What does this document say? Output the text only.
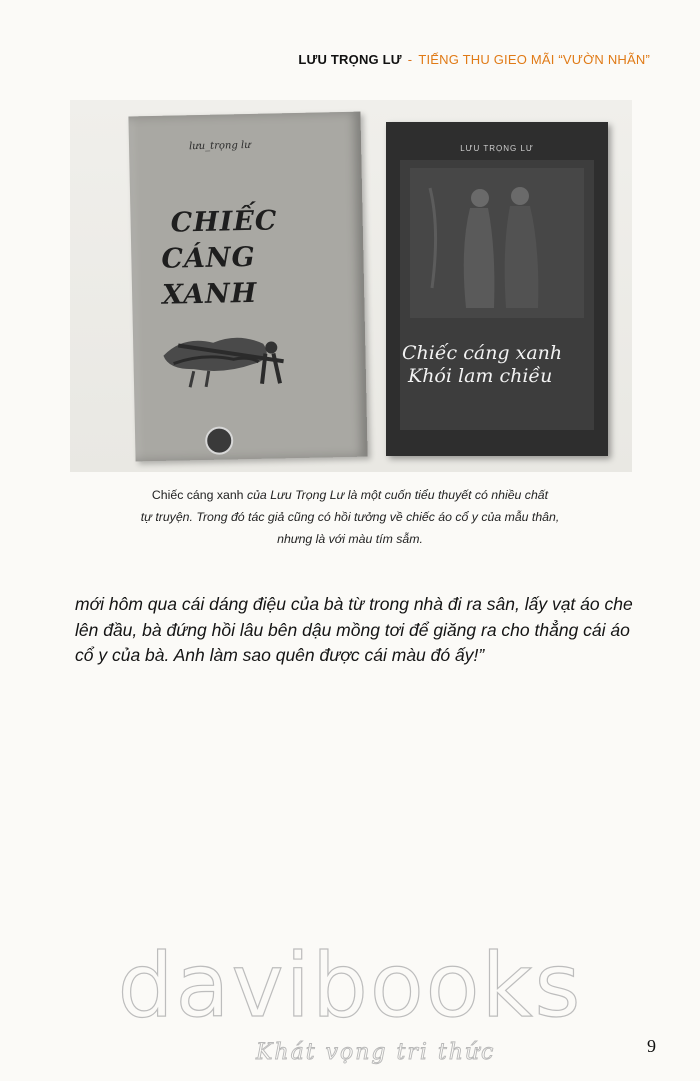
LƯU TRỌNG LƯ - TIẾNG THU GIEO MÃI “VƯỜN NHÃN”
lưu_trọng lư
CHIẾC
CÁNG XANH
LƯU TRỌNG LƯ
Chiếc cáng xanh
Khói lam chiều
Chiếc cáng xanh của Lưu Trọng Lư là một cuốn tiểu thuyết có nhiều chất
tự truyện. Trong đó tác giả cũng có hồi tưởng về chiếc áo cổ y của mẫu thân,
nhưng là với màu tím sẫm.
mới hôm qua cái dáng điệu của bà từ trong nhà đi ra sân, lấy vạt áo che
lên đầu, bà đứng hồi lâu bên dậu mồng tơi để giăng ra cho thẳng cái áo
cổ y của bà. Anh làm sao quên được cái màu đó ấy!”
davibooks
Khát vọng tri thức	9
